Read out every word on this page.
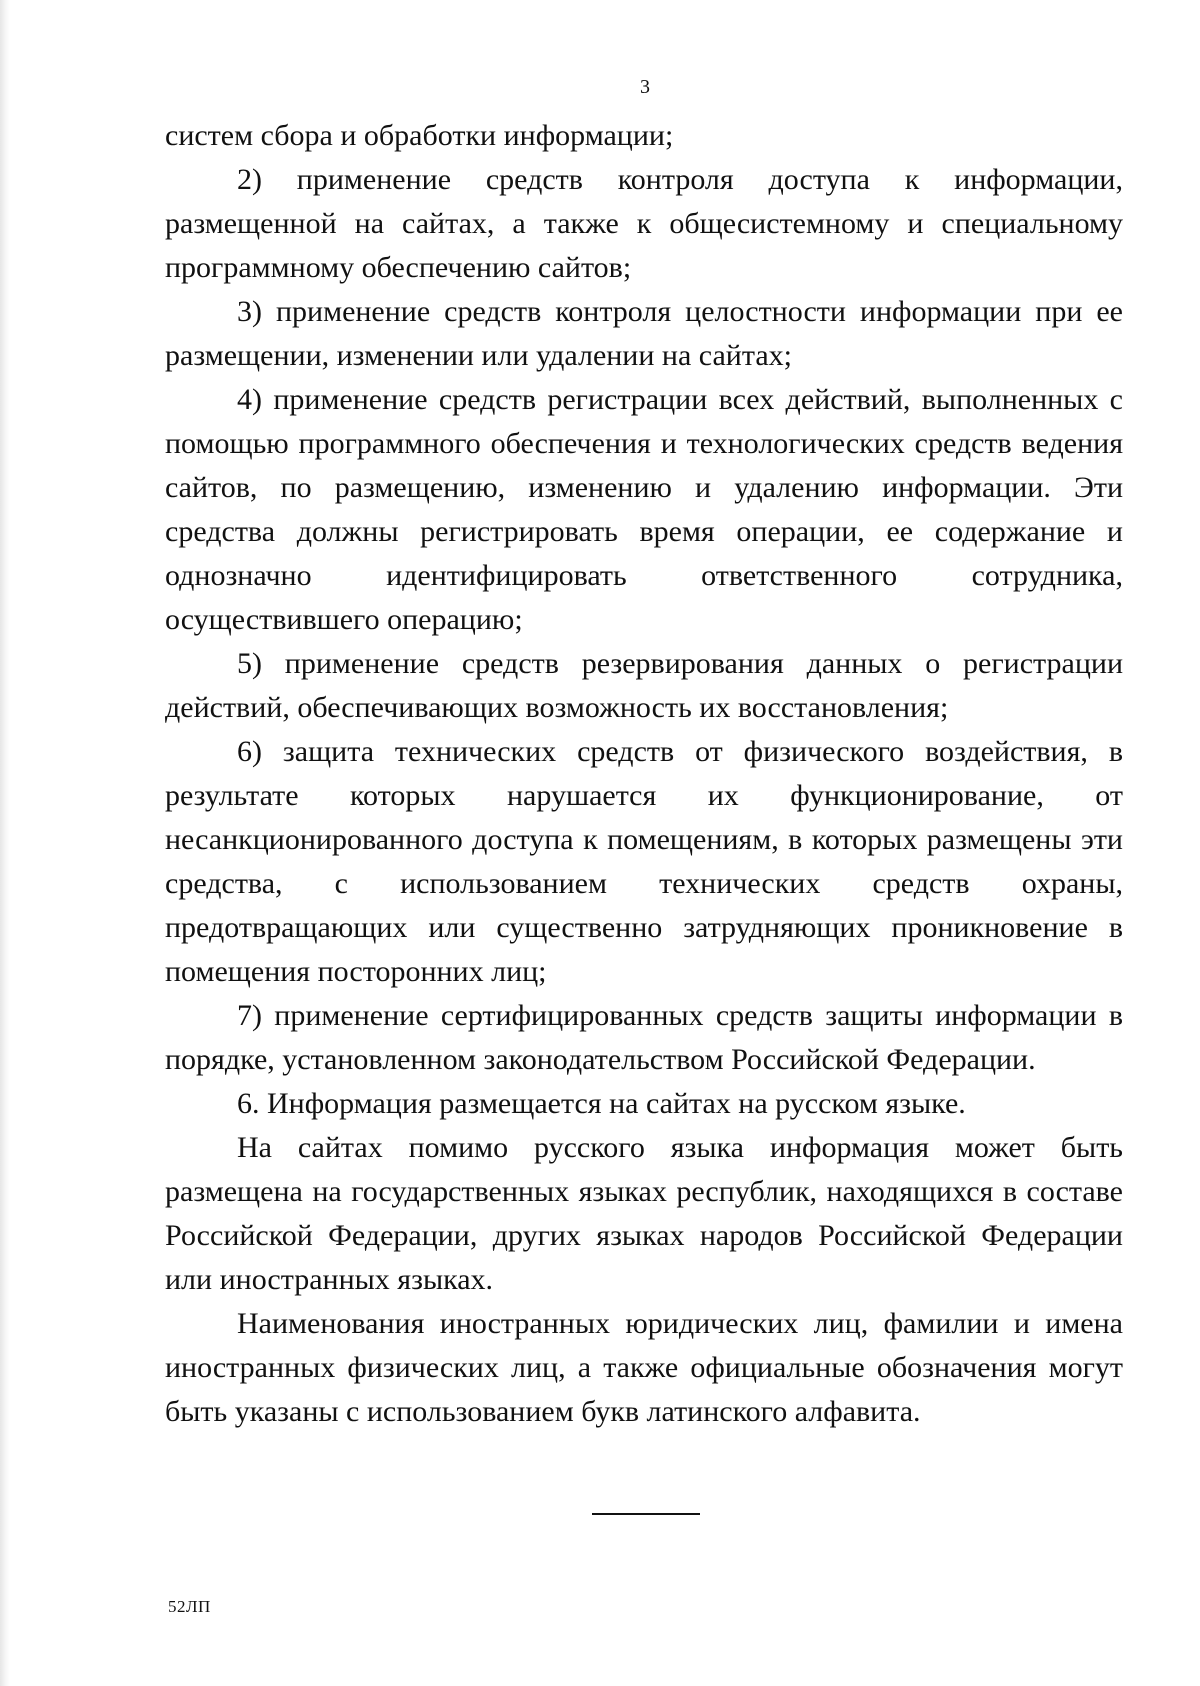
3

систем сбора и обработки информации;

2) применение средств контроля доступа к информации, размещенной на сайтах, а также к общесистемному и специальному программному обеспечению сайтов;

3) применение средств контроля целостности информации при ее размещении, изменении или удалении на сайтах;

4) применение средств регистрации всех действий, выполненных с помощью программного обеспечения и технологических средств ведения сайтов, по размещению, изменению и удалению информации. Эти средства должны регистрировать время операции, ее содержание и однозначно идентифицировать ответственного сотрудника, осуществившего операцию;

5) применение средств резервирования данных о регистрации действий, обеспечивающих возможность их восстановления;

6) защита технических средств от физического воздействия, в результате которых нарушается их функционирование, от несанкционированного доступа к помещениям, в которых размещены эти средства, с использованием технических средств охраны, предотвращающих или существенно затрудняющих проникновение в помещения посторонних лиц;

7) применение сертифицированных средств защиты информации в порядке, установленном законодательством Российской Федерации.

6. Информация размещается на сайтах на русском языке.

На сайтах помимо русского языка информация может быть размещена на государственных языках республик, находящихся в составе Российской Федерации, других языках народов Российской Федерации или иностранных языках.

Наименования иностранных юридических лиц, фамилии и имена иностранных физических лиц, а также официальные обозначения могут быть указаны с использованием букв латинского алфавита.

52ЛП
